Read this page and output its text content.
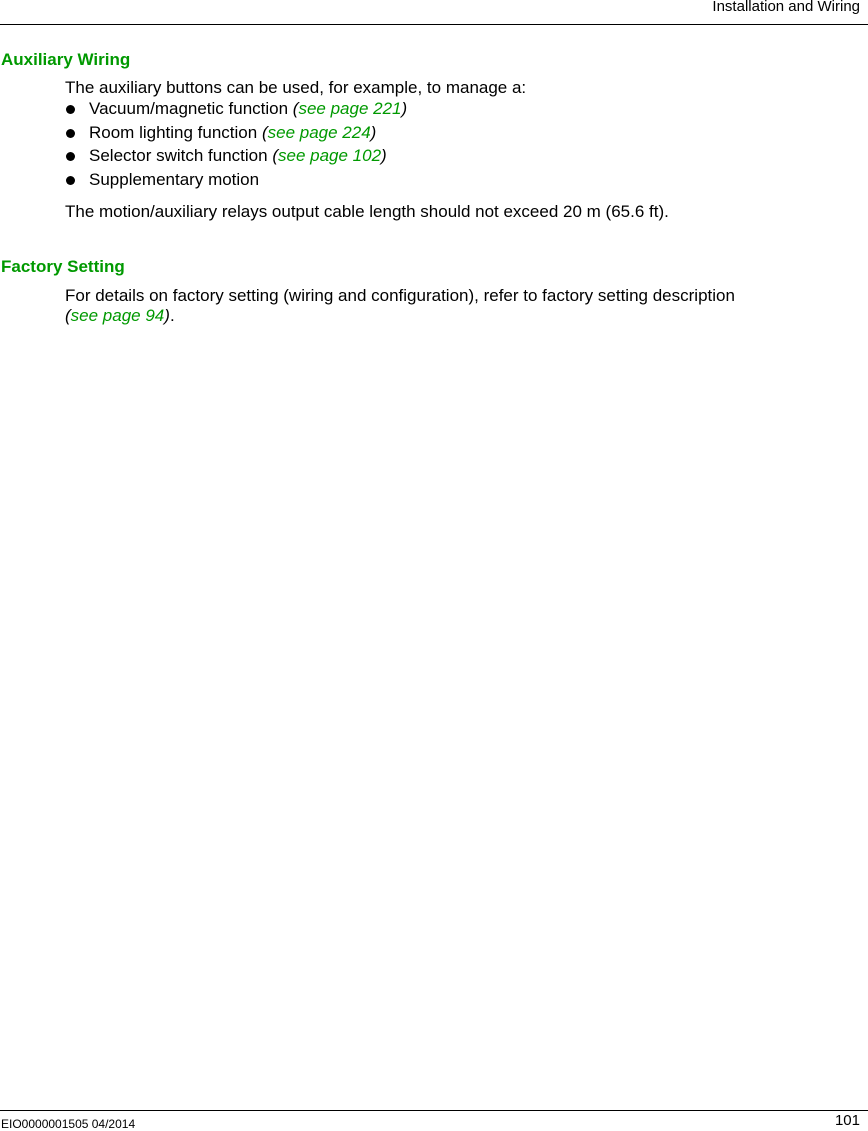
Installation and Wiring
Auxiliary Wiring

The auxiliary buttons can be used, for example, to manage a:

Vacuum/magnetic function (see page 221)
Room lighting function (see page 224)
Selector switch function (see page 102)
Supplementary motion

The motion/auxiliary relays output cable length should not exceed 20 m (65.6 ft).

Factory Setting

For details on factory setting (wiring and configuration), refer to factory setting description
(see page 94).

EIO0000001505 04/2014	101
